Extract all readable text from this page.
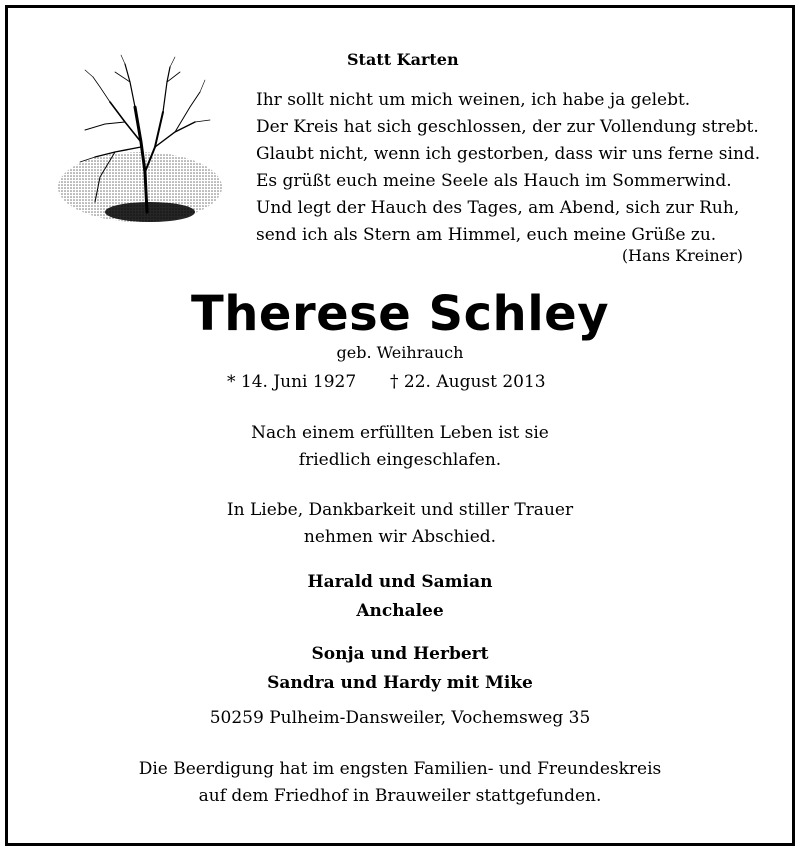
Statt Karten
Ihr sollt nicht um mich weinen, ich habe ja gelebt.
Der Kreis hat sich geschlossen, der zur Vollendung strebt.
Glaubt nicht, wenn ich gestorben, dass wir uns ferne sind.
Es grüßt euch meine Seele als Hauch im Sommerwind.
Und legt der Hauch des Tages, am Abend, sich zur Ruh,
send ich als Stern am Himmel, euch meine Grüße zu.
(Hans Kreiner)
Therese Schley
geb. Weihrauch
* 14. Juni 1927 † 22. August 2013
Nach einem erfüllten Leben ist sie
friedlich eingeschlafen.
In Liebe, Dankbarkeit und stiller Trauer
nehmen wir Abschied.
Harald und Samian
Anchalee
Sonja und Herbert
Sandra und Hardy mit Mike
50259 Pulheim-Dansweiler, Vochemsweg 35
Die Beerdigung hat im engsten Familien- und Freundeskreis
auf dem Friedhof in Brauweiler stattgefunden.
